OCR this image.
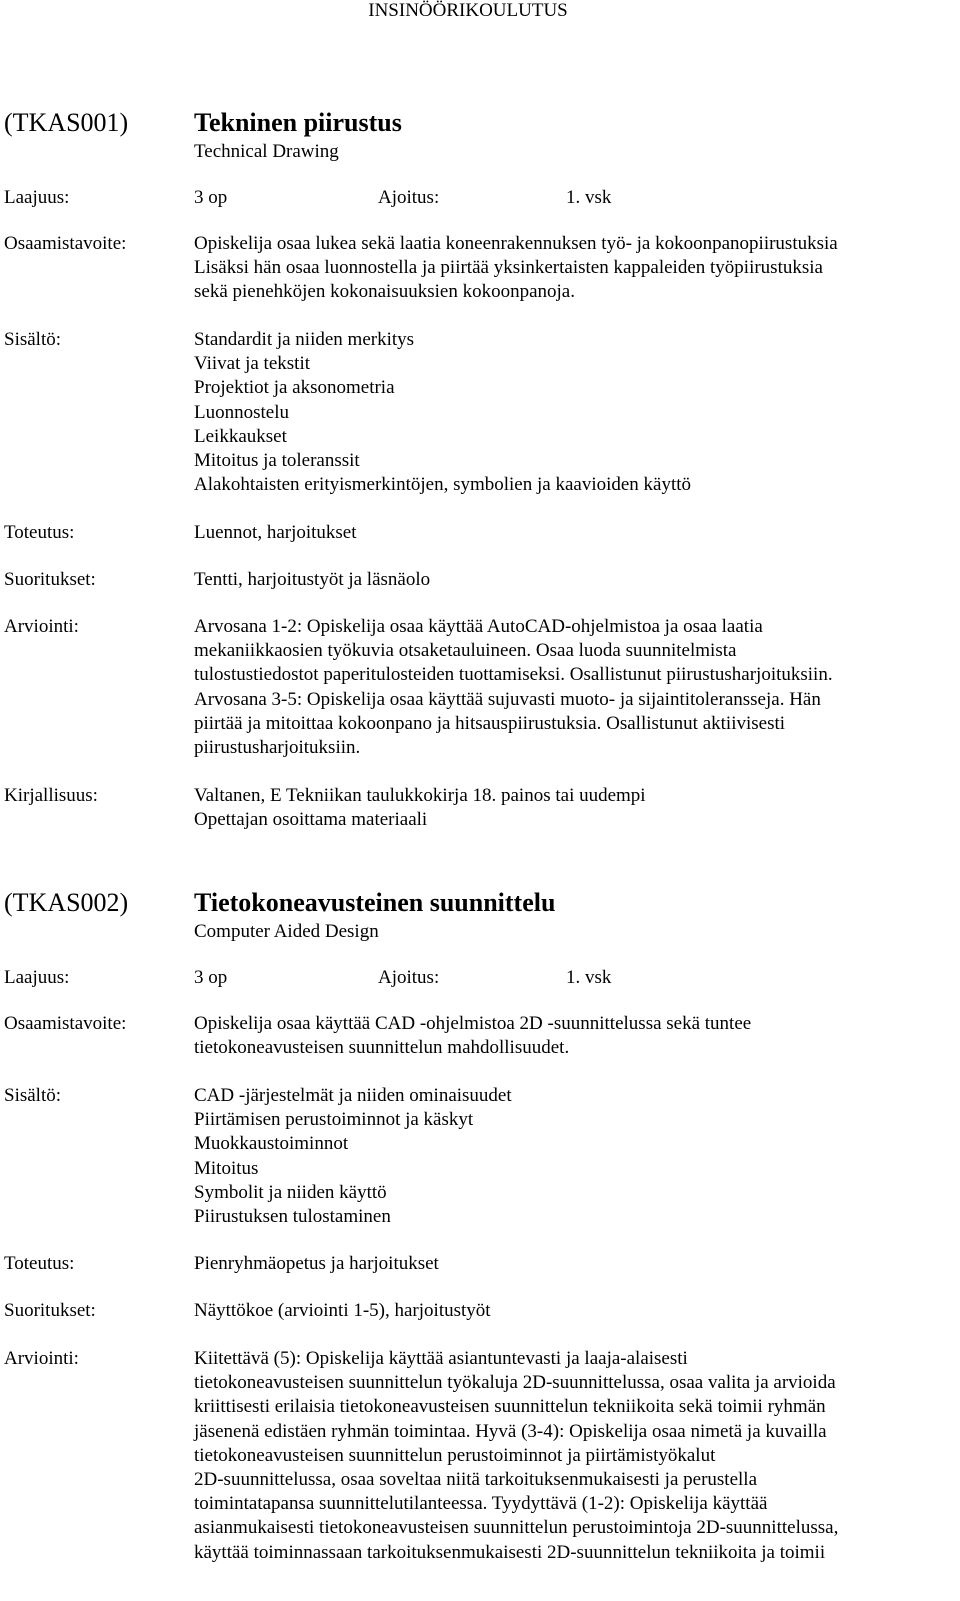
INSINÖÖRIKOULUTUS
(TKAS001)	Tekninen piirustus
Technical Drawing
Laajuus:	3 op	Ajoitus:	1. vsk
Osaamistavoite:	Opiskelija osaa lukea sekä laatia koneenrakennuksen työ- ja kokoonpanopiirustuksia
Lisäksi hän osaa luonnostella ja piirtää yksinkertaisten kappaleiden työpiirustuksia
sekä pienehköjen kokonaisuuksien kokoonpanoja.
Sisältö:	Standardit ja niiden merkitys
Viivat ja tekstit
Projektiot ja aksonometria
Luonnostelu
Leikkaukset
Mitoitus ja toleranssit
Alakohtaisten erityismerkintöjen, symbolien ja kaavioiden käyttö
Toteutus:	Luennot, harjoitukset
Suoritukset:	Tentti, harjoitustyöt ja läsnäolo
Arviointi:	Arvosana 1-2: Opiskelija osaa käyttää AutoCAD-ohjelmistoa ja osaa laatia
mekaniikkaosien työkuvia otsaketauluineen. Osaa luoda suunnitelmista
tulostustiedostot paperitulosteiden tuottamiseksi. Osallistunut piirustusharjoituksiin.
Arvosana 3-5: Opiskelija osaa käyttää sujuvasti muoto- ja sijaintitoleransseja. Hän
piirtää ja mitoittaa kokoonpano ja hitsauspiirustuksia. Osallistunut aktiivisesti
piirustusharjoituksiin.
Kirjallisuus:	Valtanen, E Tekniikan taulukkokirja 18. painos tai uudempi
Opettajan osoittama materiaali
(TKAS002)	Tietokoneavusteinen suunnittelu
Computer Aided Design
Laajuus:	3 op	Ajoitus:	1. vsk
Osaamistavoite:	Opiskelija osaa käyttää CAD -ohjelmistoa 2D -suunnittelussa sekä tuntee
tietokoneavusteisen suunnittelun mahdollisuudet.
Sisältö:	CAD -järjestelmät ja niiden ominaisuudet
Piirtämisen perustoiminnot ja käskyt
Muokkaustoiminnot
Mitoitus
Symbolit ja niiden käyttö
Piirustuksen tulostaminen
Toteutus:	Pienryhmäopetus ja harjoitukset
Suoritukset:	Näyttökoe (arviointi 1-5), harjoitustyöt
Arviointi:	Kiitettävä (5): Opiskelija käyttää asiantuntevasti ja laaja-alaisesti
tietokoneavusteisen suunnittelun työkaluja 2D-suunnittelussa, osaa valita ja arvioida
kriittisesti erilaisia tietokoneavusteisen suunnittelun tekniikoita sekä toimii ryhmän
jäsenenä edistäen ryhmän toimintaa. Hyvä (3-4): Opiskelija osaa nimetä ja kuvailla
tietokoneavusteisen suunnittelun perustoiminnot ja piirtämistyökalut
2D-suunnittelussa, osaa soveltaa niitä tarkoituksenmukaisesti ja perustella
toimintatapansa suunnittelutilanteessa. Tyydyttävä (1-2): Opiskelija käyttää
asianmukaisesti tietokoneavusteisen suunnittelun perustoimintoja 2D-suunnittelussa,
käyttää toiminnassaan tarkoituksenmukaisesti 2D-suunnittelun tekniikoita ja toimii
